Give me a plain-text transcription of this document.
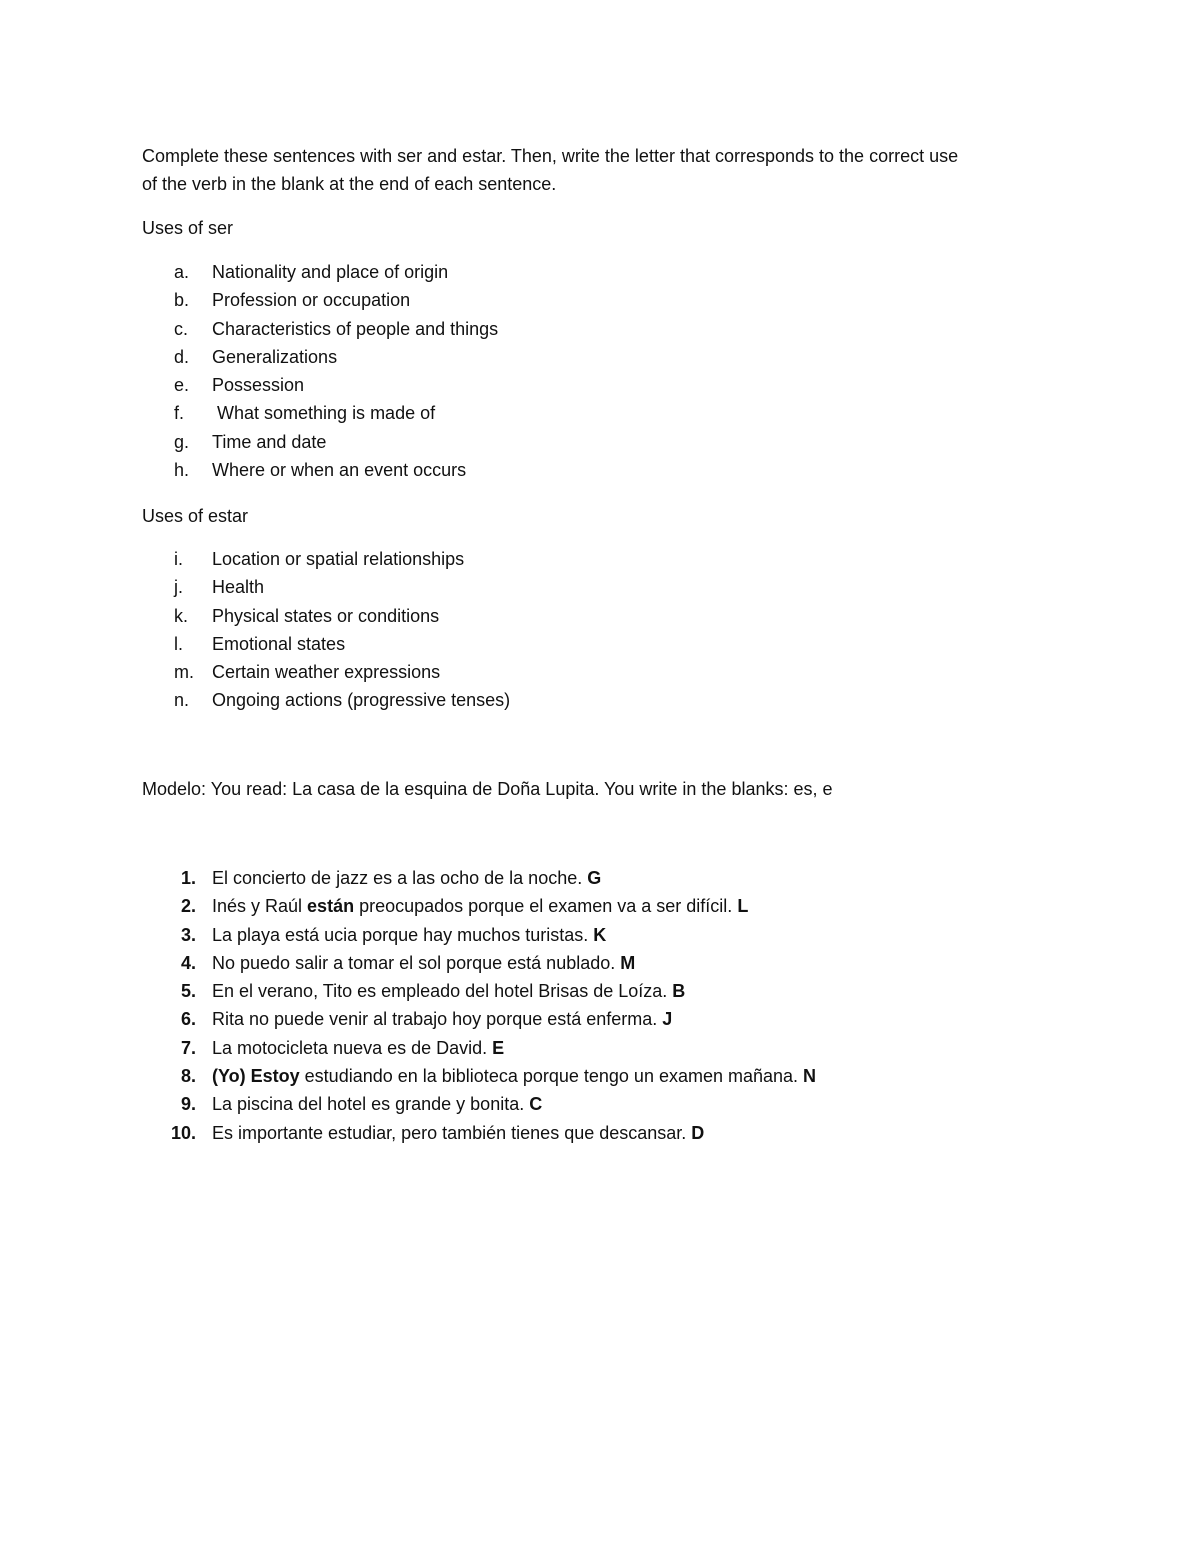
Complete these sentences with ser and estar. Then, write the letter that corresponds to the correct use
of the verb in the blank at the end of each sentence.

Uses of ser

a.	Nationality and place of origin
b.	Profession or occupation
c.	Characteristics of people and things
d.	Generalizations
e.	Possession
f.	What something is made of
g.	Time and date
h.	Where or when an event occurs

Uses of estar

i.	Location or spatial relationships
j.	Health
k.	Physical states or conditions
l.	Emotional states
m. Certain weather expressions
n.	Ongoing actions (progressive tenses)

Modelo: You read: La casa de la esquina de Doña Lupita. You write in the blanks: es, e

1. El concierto de jazz es a las ocho de la noche. G
2. Inés y Raúl están preocupados porque el examen va a ser difícil. L
3. La playa está ucia porque hay muchos turistas. K
4. No puedo salir a tomar el sol porque está nublado. M
5. En el verano, Tito es empleado del hotel Brisas de Loíza. B
6. Rita no puede venir al trabajo hoy porque está enferma. J
7. La motocicleta nueva es de David. E
8. (Yo) Estoy estudiando en la biblioteca porque tengo un examen mañana. N
9. La piscina del hotel es grande y bonita. C
10. Es importante estudiar, pero también tienes que descansar. D
